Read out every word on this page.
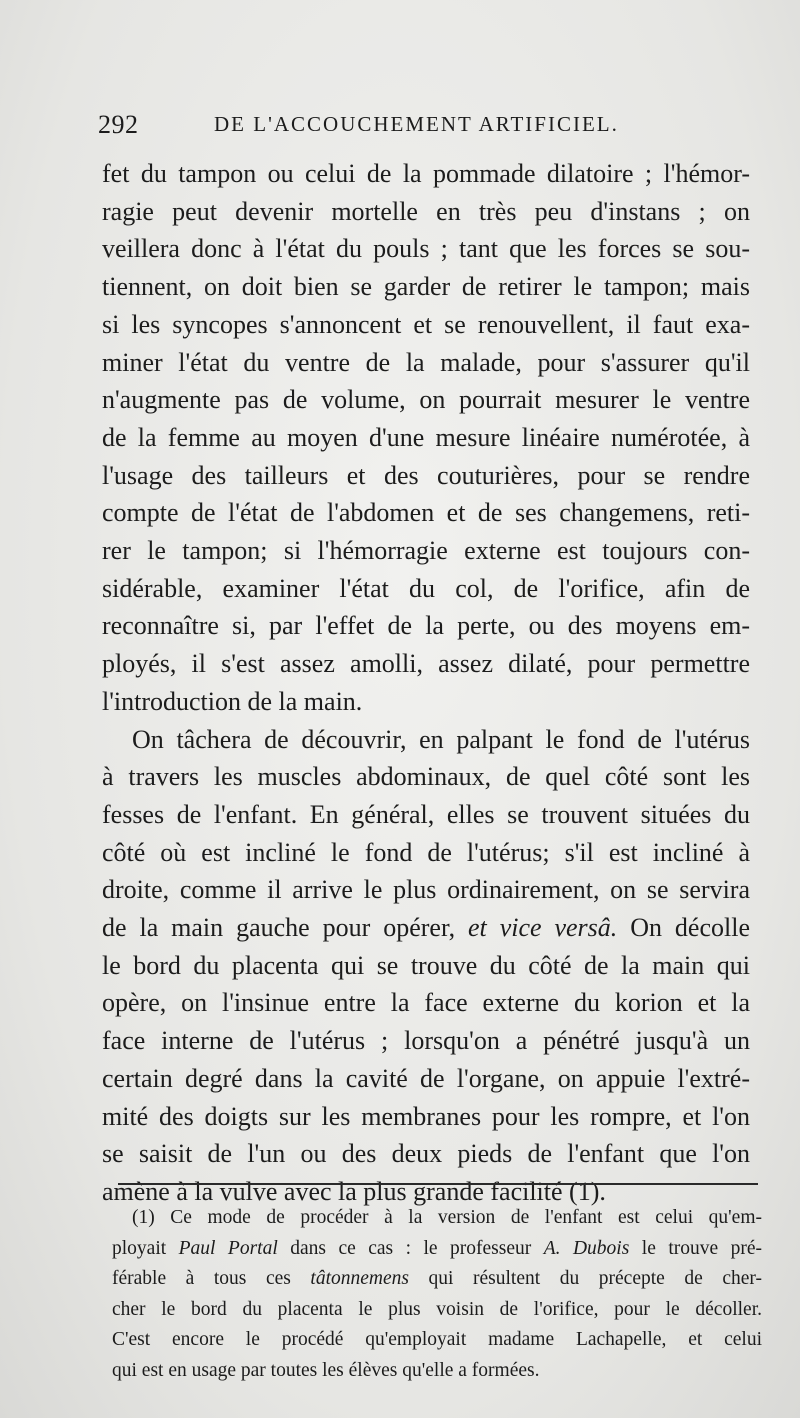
292	DE L'ACCOUCHEMENT ARTIFICIEL.
fet du tampon ou celui de la pommade dilatoire ; l'hémor-
ragie peut devenir mortelle en très peu d'instans ; on
veillera donc à l'état du pouls ; tant que les forces se sou-
tiennent, on doit bien se garder de retirer le tampon; mais
si les syncopes s'annoncent et se renouvellent, il faut exa-
miner l'état du ventre de la malade, pour s'assurer qu'il
n'augmente pas de volume, on pourrait mesurer le ventre
de la femme au moyen d'une mesure linéaire numérotée, à
l'usage des tailleurs et des couturières, pour se rendre
compte de l'état de l'abdomen et de ses changemens, reti-
rer le tampon; si l'hémorragie externe est toujours con-
sidérable, examiner l'état du col, de l'orifice, afin de
reconnaître si, par l'effet de la perte, ou des moyens em-
ployés, il s'est assez amolli, assez dilaté, pour permettre
l'introduction de la main.
On tâchera de découvrir, en palpant le fond de l'utérus
à travers les muscles abdominaux, de quel côté sont les
fesses de l'enfant. En général, elles se trouvent situées du
côté où est incliné le fond de l'utérus; s'il est incliné à
droite, comme il arrive le plus ordinairement, on se servira
de la main gauche pour opérer, et vice versâ. On décolle
le bord du placenta qui se trouve du côté de la main qui
opère, on l'insinue entre la face externe du korion et la
face interne de l'utérus ; lorsqu'on a pénétré jusqu'à un
certain degré dans la cavité de l'organe, on appuie l'extré-
mité des doigts sur les membranes pour les rompre, et l'on
se saisit de l'un ou des deux pieds de l'enfant que l'on
amène à la vulve avec la plus grande facilité (1).
(1) Ce mode de procéder à la version de l'enfant est celui qu'em-
ployait Paul Portal dans ce cas : le professeur A. Dubois le trouve pré-
férable à tous ces tâtonnemens qui résultent du précepte de cher-
cher le bord du placenta le plus voisin de l'orifice, pour le décoller.
C'est encore le procédé qu'employait madame Lachapelle, et celui
qui est en usage par toutes les élèves qu'elle a formées.
